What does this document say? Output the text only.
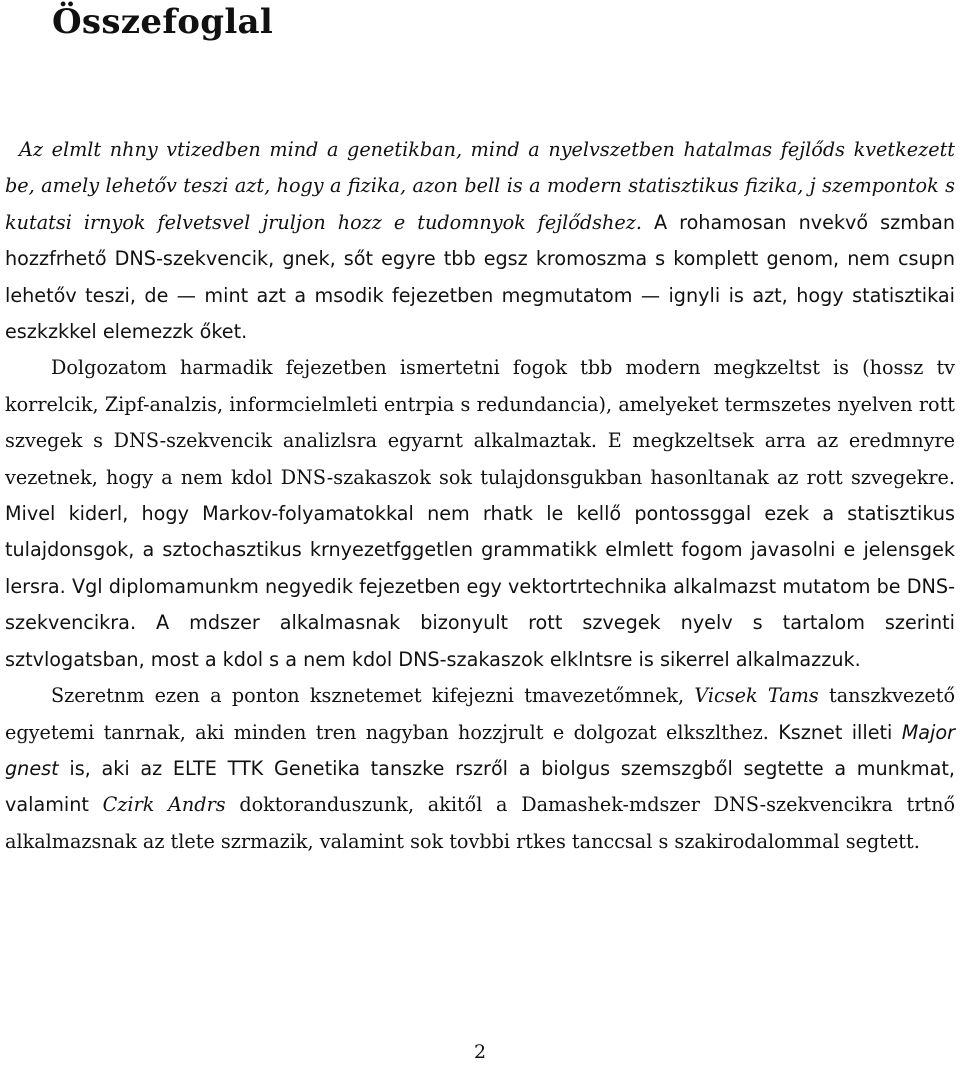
Összefoglal

Az elmlt nhny vtizedben mind a genetikban, mind a nyelvszetben hatalmas fejlőds kvetkezett be, amely lehetőv teszi azt, hogy a fizika, azon bell is a modern statisztikus fizika, j szempontok s kutatsi irnyok felvetsvel jruljon hozz e tudomnyok fejlődshez. A rohamosan nvekvő szmban hozzfrhető DNS-szekvencik, gnek, sőt egyre tbb egsz kromoszma s komplett genom, nem csupn lehetőv teszi, de — mint azt a msodik fejezetben megmutatom — ignyli is azt, hogy statisztikai eszkzkkel elemezzk őket.

Dolgozatom harmadik fejezetben ismertetni fogok tbb modern megkzeltst is (hossz tv korrelcik, Zipf-analzis, informcielmleti entrpia s redundancia), amelyeket termszetes nyelven rott szvegek s DNS-szekvencik analizlsra egyarnt alkalmaztak. E megkzeltsek arra az eredmnyre vezetnek, hogy a nem kdol DNS-szakaszok sok tulajdonsgukban hasonltanak az rott szvegekre. Mivel kiderl, hogy Markov-folyamatokkal nem rhatk le kellő pontossggal ezek a statisztikus tulajdonsgok, a sztochasztikus krnyezetfggetlen grammatikk elmlett fogom javasolni e jelensgek lersra. Vgl diplomamunkm negyedik fejezetben egy vektortrtechnika alkalmazst mutatom be DNS-szekvencikra. A mdszer alkalmasnak bizonyult rott szvegek nyelv s tartalom szerinti sztvlogatsban, most a kdol s a nem kdol DNS-szakaszok elklntsre is sikerrel alkalmazzuk.

Szeretnm ezen a ponton ksznetemet kifejezni tmavezetőmnek, Vicsek Tams tanszkvezető egyetemi tanrnak, aki minden tren nagyban hozzjrult e dolgozat elkszlthez. Ksznet illeti Major gnest is, aki az ELTE TTK Genetika tanszke rszről a biolgus szemszgből segtette a munkmat, valamint Czirk Andrs doktoranduszunk, akitől a Damashek-mdszer DNS-szekvencikra trtnő alkalmazsnak az tlete szrmazik, valamint sok tovbbi rtkes tanccsal s szakirodalommal segtett.

2
